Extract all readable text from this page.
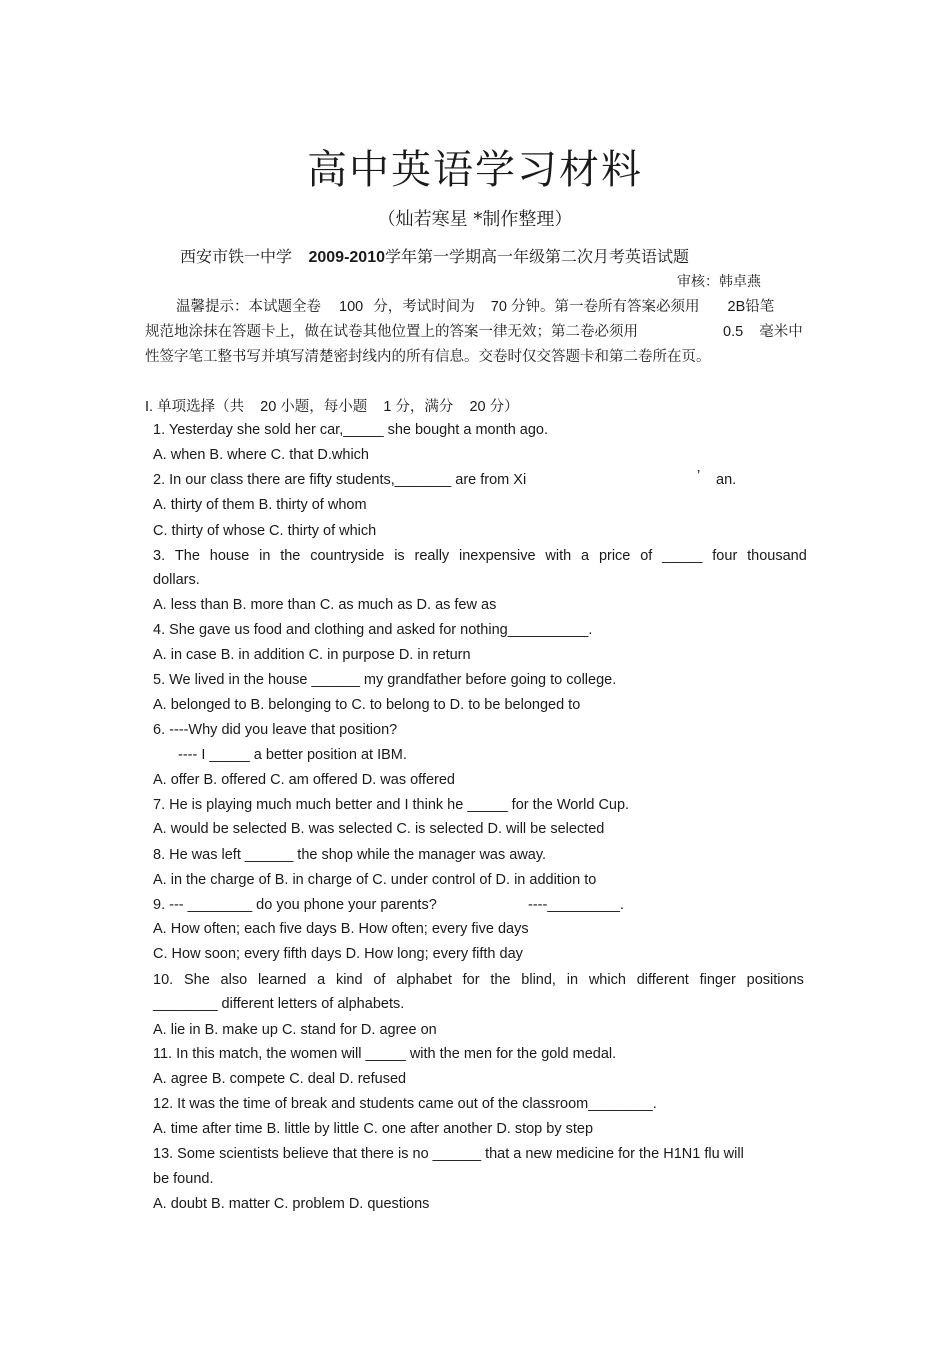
高中英语学习材料
（灿若寒星 *制作整理）
西安市铁一中学 2009-2010学年第一学期高一年级第二次月考英语试题
审核：韩卓燕
温馨提示：本试题全卷 100 分，考试时间为 70 分钟。第一卷所有答案必须用 2B铅笔
规范地涂抹在答题卡上，做在试卷其他位置上的答案一律无效；第二卷必须用	0.5 毫米中
性签字笔工整书写并填写清楚密封线内的所有信息。交卷时仅交答题卡和第二卷所在页。
I. 单项选择（共 20 小题，每小题 1 分，满分 20 分）
1. Yesterday she sold her car,_____ she bought a month ago.
A. when B. where C. that D.which
2. In our class there are fifty students,_______ are from Xi	’ an.
A. thirty of them B. thirty of whom
C. thirty of whose C. thirty of which
3. The house in the countryside is really inexpensive with a price of _____ four thousand
dollars.
A. less than B. more than C. as much as D. as few as
4. She gave us food and clothing and asked for nothing__________.
A. in case B. in addition C. in purpose D. in return
5. We lived in the house ______ my grandfather before going to college.
A. belonged to B. belonging to C. to belong to D. to be belonged to
6. ----Why did you leave that position?
---- I _____ a better position at IBM.
A. offer B. offered C. am offered D. was offered
7. He is playing much much better and I think he _____ for the World Cup.
A. would be selected B. was selected C. is selected D. will be selected
8. He was left ______ the shop while the manager was away.
A. in the charge of B. in charge of C. under control of D. in addition to
9. --- ________ do you phone your parents?	----_________.
A. How often; each five days B. How often; every five days
C. How soon; every fifth days D. How long; every fifth day
10. She also learned a kind of alphabet for the blind, in which different finger positions
________ different letters of alphabets.
A. lie in B. make up C. stand for D. agree on
11. In this match, the women will _____ with the men for the gold medal.
A. agree B. compete C. deal D. refused
12. It was the time of break and students came out of the classroom________.
A. time after time B. little by little C. one after another D. stop by step
13. Some scientists believe that there is no ______ that a new medicine for the H1N1 flu will
be found.
A. doubt B. matter C. problem D. questions
